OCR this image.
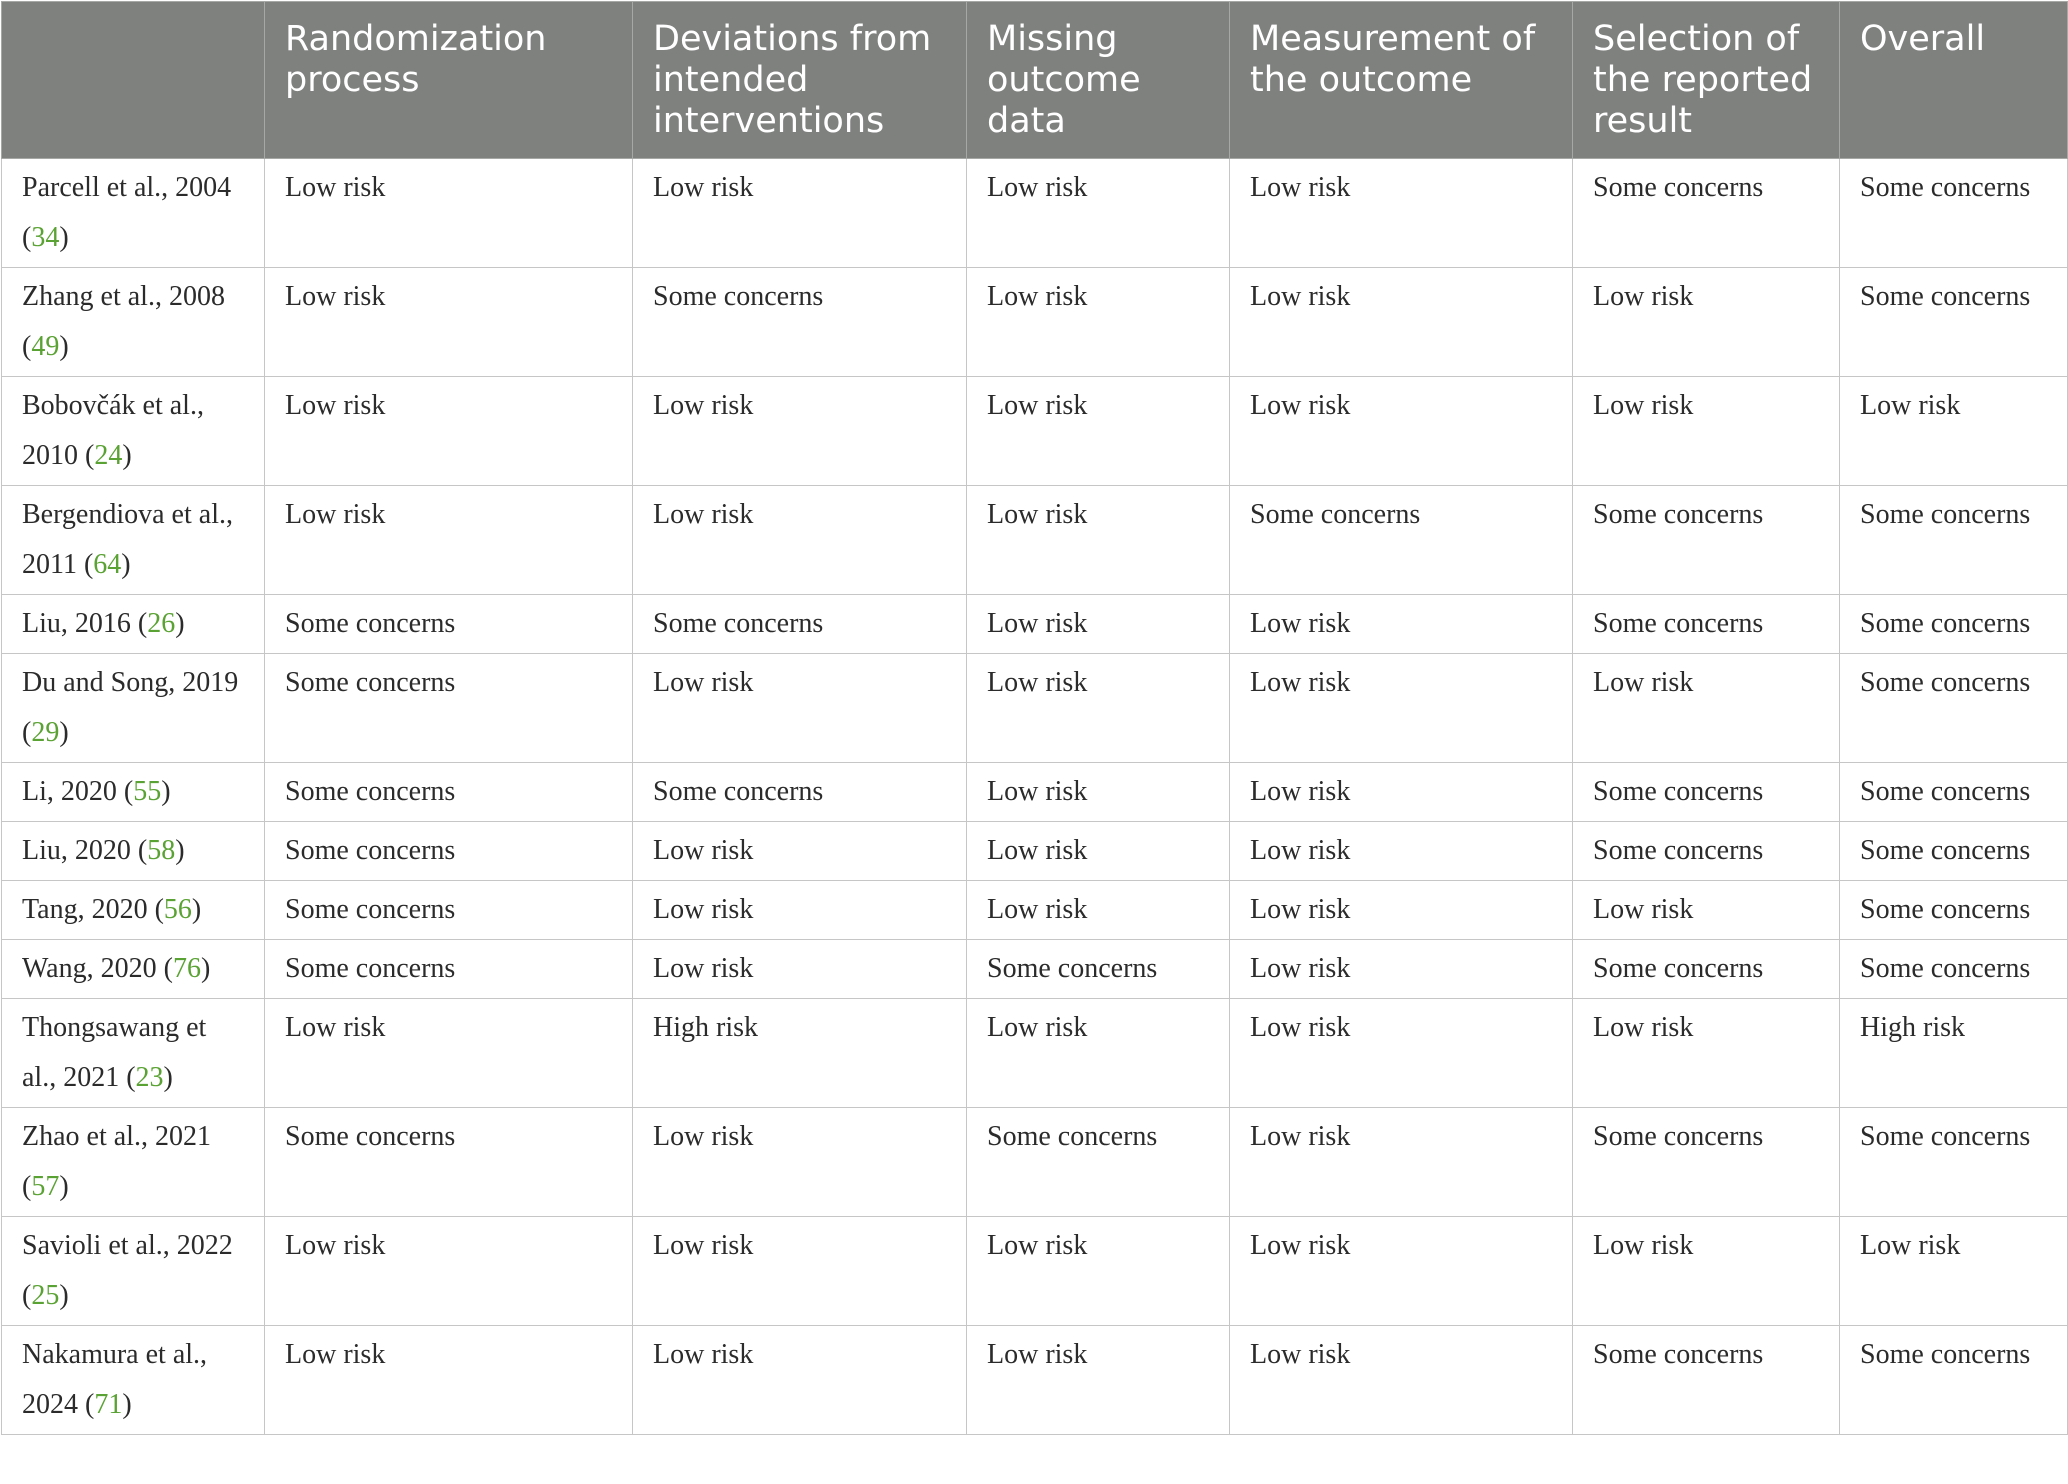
	Randomization process	Deviations from intended interventions	Missing outcome data	Measurement of the outcome	Selection of the reported result	Overall
Parcell et al., 2004 (34)	Low risk	Low risk	Low risk	Low risk	Some concerns	Some concerns
Zhang et al., 2008 (49)	Low risk	Some concerns	Low risk	Low risk	Low risk	Some concerns
Bobovčák et al., 2010 (24)	Low risk	Low risk	Low risk	Low risk	Low risk	Low risk
Bergendiova et al., 2011 (64)	Low risk	Low risk	Low risk	Some concerns	Some concerns	Some concerns
Liu, 2016 (26)	Some concerns	Some concerns	Low risk	Low risk	Some concerns	Some concerns
Du and Song, 2019 (29)	Some concerns	Low risk	Low risk	Low risk	Low risk	Some concerns
Li, 2020 (55)	Some concerns	Some concerns	Low risk	Low risk	Some concerns	Some concerns
Liu, 2020 (58)	Some concerns	Low risk	Low risk	Low risk	Some concerns	Some concerns
Tang, 2020 (56)	Some concerns	Low risk	Low risk	Low risk	Low risk	Some concerns
Wang, 2020 (76)	Some concerns	Low risk	Some concerns	Low risk	Some concerns	Some concerns
Thongsawang et al., 2021 (23)	Low risk	High risk	Low risk	Low risk	Low risk	High risk
Zhao et al., 2021 (57)	Some concerns	Low risk	Some concerns	Low risk	Some concerns	Some concerns
Savioli et al., 2022 (25)	Low risk	Low risk	Low risk	Low risk	Low risk	Low risk
Nakamura et al., 2024 (71)	Low risk	Low risk	Low risk	Low risk	Some concerns	Some concerns
